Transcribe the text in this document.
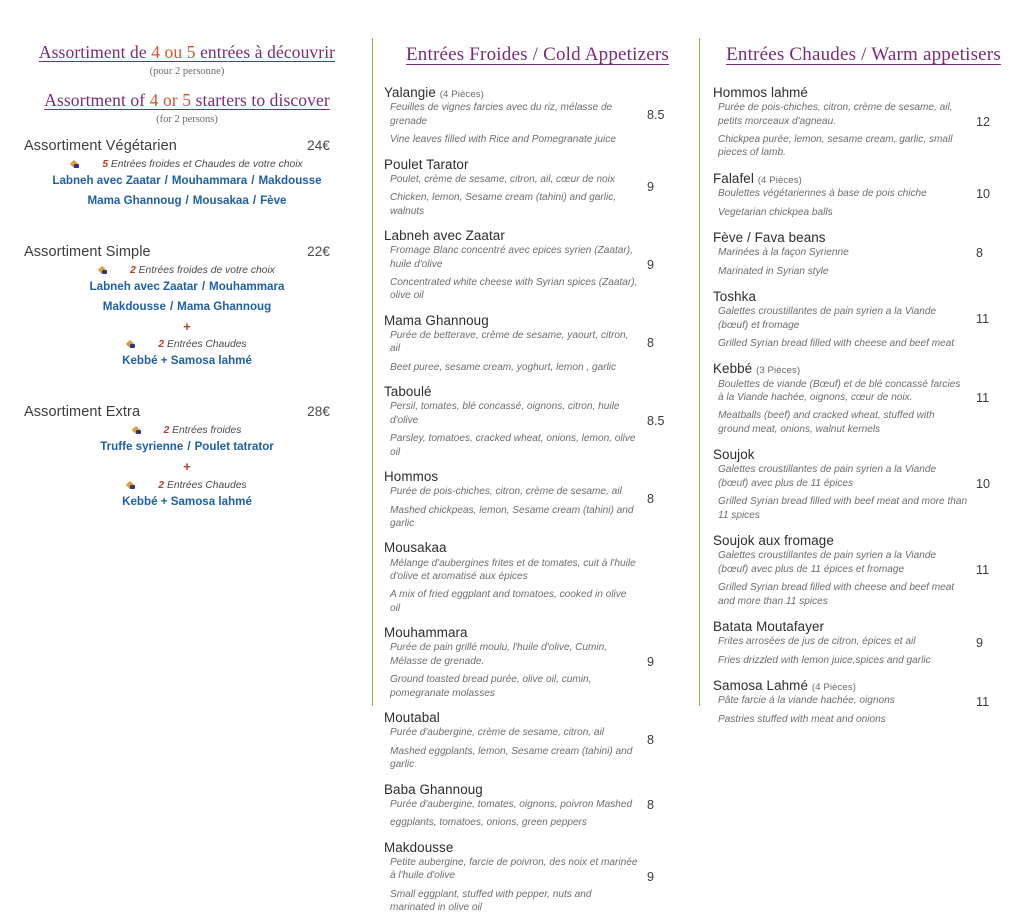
Assortiment de 4 ou 5 entrées à découvrir
(pour 2 personne)
Assortment of 4 or 5 starters to discover
(for 2 persons)
Assortiment Végétarien	24€
5 Entrées froides et Chaudes de votre choix
Labneh avec Zaatar / Mouhammara / Makdousse
Mama Ghannoug / Mousakaa / Fève
Assortiment Simple	22€
2 Entrées froides de votre choix
Labneh avec Zaatar / Mouhammara
Makdousse / Mama Ghannoug
+
2 Entrées Chaudes
Kebbé + Samosa lahmé
Assortiment Extra	28€
2 Entrées froides
Truffe syrienne / Poulet tatrator
+
2 Entrées Chaudes
Kebbé + Samosa lahmé
Entrées Froides / Cold Appetizers
Yalangie (4 Pièces)
Feuilles de vignes farcies avec du riz, mélasse de grenade
Vine leaves filled with Rice and Pomegranate juice
8.5
Poulet Tarator
Poulet, crème de sesame, citron, ail, cœur de noix
Chicken, lemon, Sesame cream (tahini) and garlic, walnuts
9
Labneh avec Zaatar
Fromage Blanc concentré avec epices syrien (Zaatar), huile d'olive
Concentrated white cheese with Syrian spices (Zaatar), olive oil
9
Mama Ghannoug
Purée de betterave, crème de sesame, yaourt, citron, ail
Beet puree, sesame cream, yoghurt, lemon , garlic
8
Taboulé
Persil, tomates, blé concassé, oignons, citron, huile d'olive
Parsley, tomatoes, cracked wheat, onions, lemon, olive oil
8.5
Hommos
Purée de pois-chiches, citron, crème de sesame, ail
Mashed chickpeas, lemon, Sesame cream (tahini) and garlic
8
Mousakaa
Mélange d'aubergines frites et de tomates, cuit à l'huile d'olive et aromatisé aux épices
A mix of fried eggplant and tomatoes, cooked in olive oil
Mouhammara
Purée de pain grillé moulu, l'huile d'olive, Cumin, Mélasse de grenade.
Ground toasted bread purée, olive oil, cumin, pomegranate molasses
9
Moutabal
Purée d'aubergine, crème de sesame, citron, ail
Mashed eggplants, lemon, Sesame cream (tahini) and garlic
8
Baba Ghannoug
Purée d'aubergine, tomates, oignons, poivron Mashed
eggplants, tomatoes, onions, green peppers
8
Makdousse
Petite aubergine, farcie de poivron, des noix et marinée à l'huile d'olive
Small eggplant, stuffed with pepper, nuts and marinated in olive oil
9
Entrées Chaudes / Warm appetisers
Hommos lahmé
Purée de pois-chiches, citron, crème de sesame, ail, petits morceaux d'agneau.
Chickpea purée, lemon, sesame cream, garlic, small pieces of lamb.
12
Falafel (4 Pièces)
Boulettes végétariennes à base de pois chiche
Vegetarian chickpea balls
10
Fève / Fava beans
Marinées à la façon Syrienne
Marinated in Syrian style
8
Toshka
Galettes croustillantes de pain syrien a la Viande (bœuf) et fromage
Grilled Syrian bread filled with cheese and beef meat
11
Kebbé (3 Pièces)
Boulettes de viande (Bœuf) et de blé concassé farcies à la Viande hachée, oignons, cœur de noix.
Meatballs (beef) and cracked wheat, stuffed with ground meat, onions, walnut kernels
11
Soujok
Galettes croustillantes de pain syrien a la Viande (bœuf) avec plus de 11 épices
Grilled Syrian bread filled with beef meat and more than 11 spices
10
Soujok aux fromage
Galettes croustillantes de pain syrien a la Viande (bœuf) avec plus de 11 épices et fromage
Grilled Syrian bread filled with cheese and beef meat and more than 11 spices
11
Batata Moutafayer
Frites arrosées de jus de citron, épices et ail
Fries drizzled with lemon juice,spices and garlic
9
Samosa Lahmé (4 Pièces)
Pâte farcie á la viande hachée, oignons
Pastries stuffed with meat and onions
11
